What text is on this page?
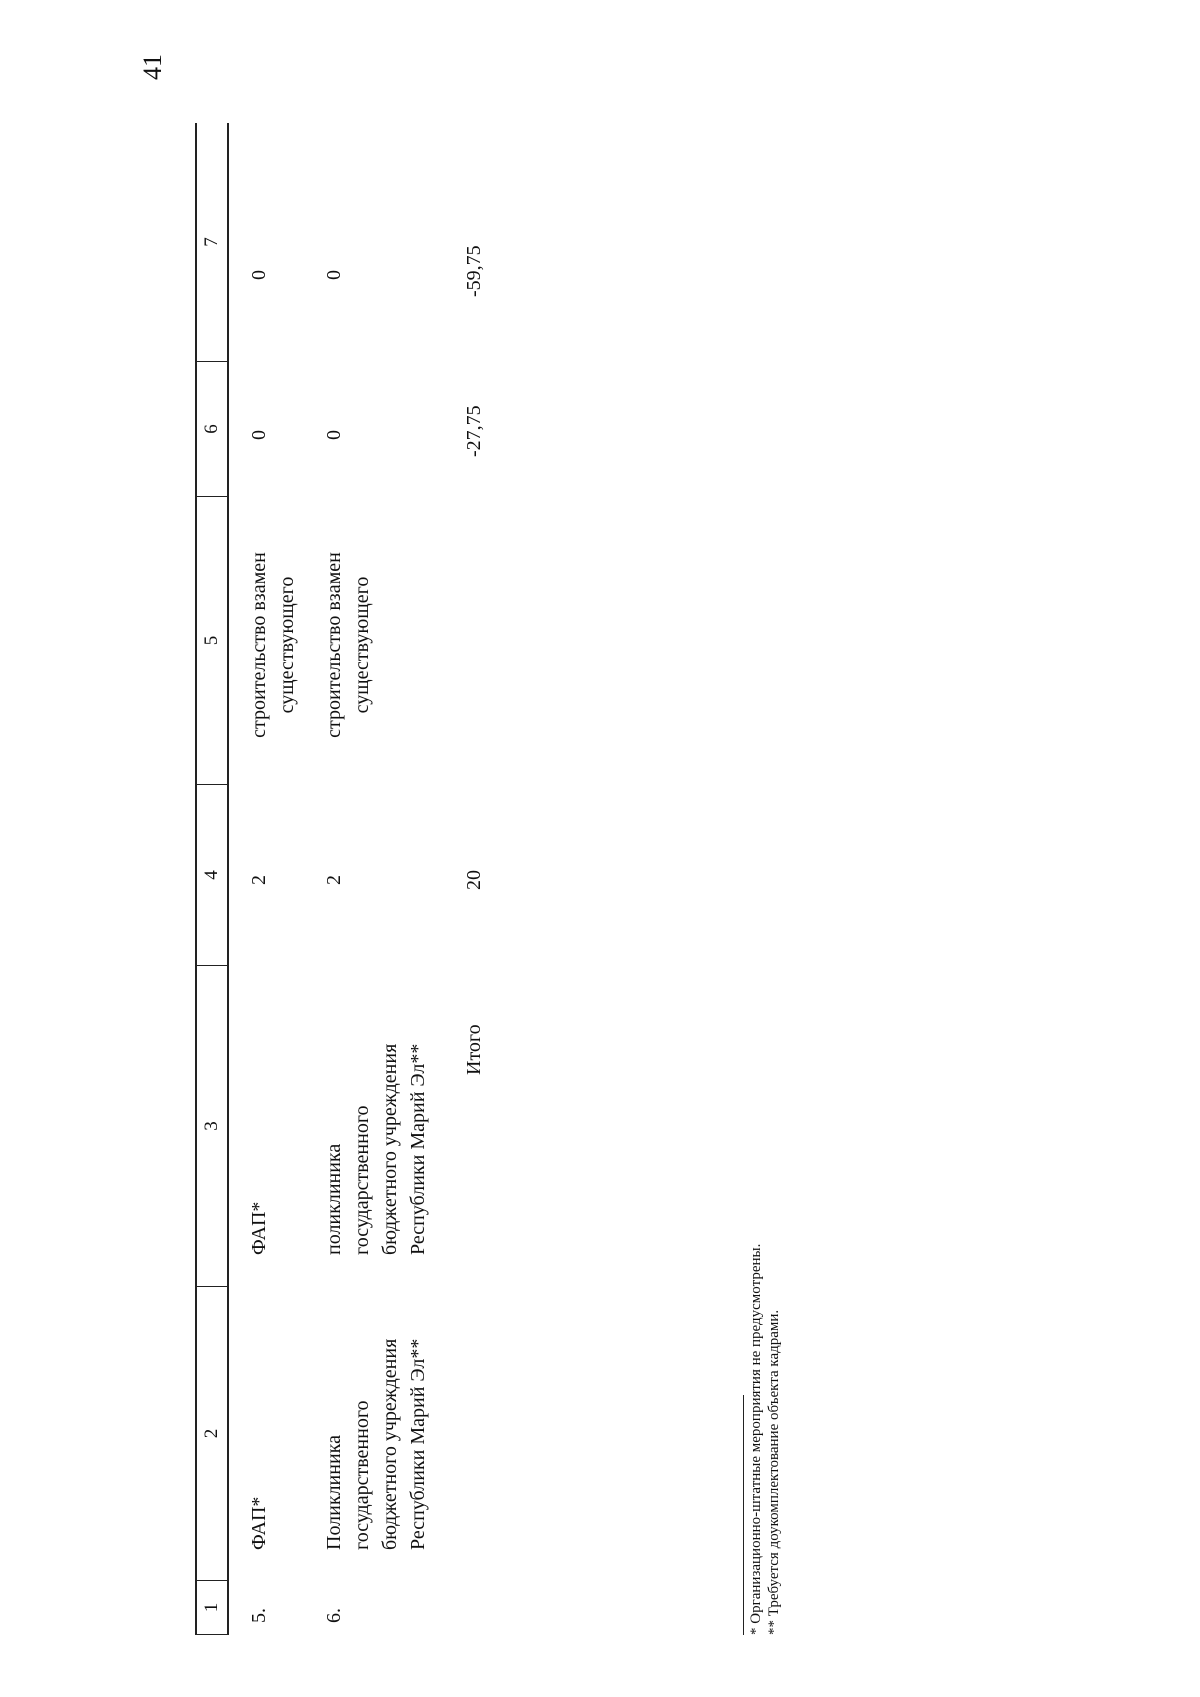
41
1
2
3
4
5
6
7
5.
ФАП*
ФАП*
2
строительство взамен существующего
0
0
6.
Поликлиника государственного бюджетного учреждения Республики Марий Эл**
поликлиника государственного бюджетного учреждения Республики Марий Эл**
2
строительство взамен существующего
0
0
Итого
20
-27,75
-59,75
* Организационно-штатные мероприятия не предусмотрены. ** Требуется доукомплектование объекта кадрами.
